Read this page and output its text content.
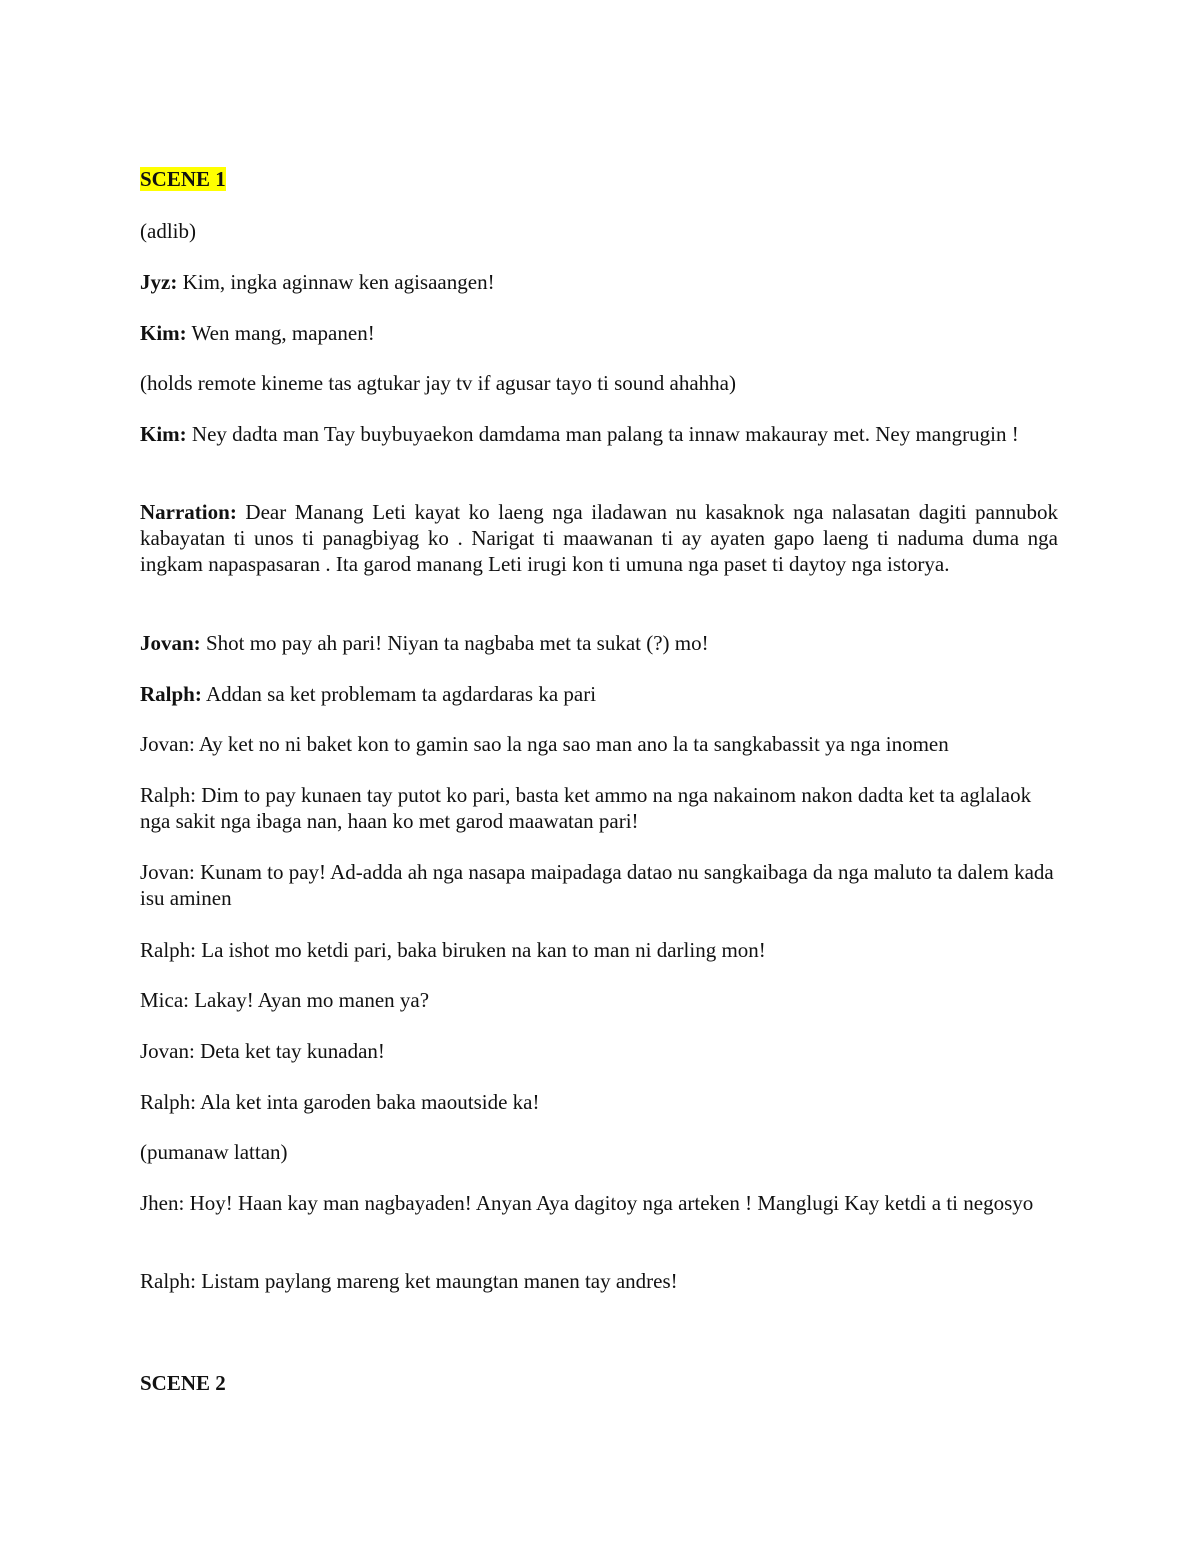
SCENE 1
(adlib)
Jyz: Kim, ingka aginnaw ken agisaangen!
Kim: Wen mang, mapanen!
(holds remote kineme tas agtukar jay tv if agusar tayo ti sound ahahha)
Kim: Ney dadta man Tay buybuyaekon damdama man palang ta innaw makauray met. Ney mangrugin !
Narration: Dear Manang Leti kayat ko laeng nga iladawan nu kasaknok nga nalasatan dagiti pannubok kabayatan ti unos ti panagbiyag ko . Narigat ti maawanan ti ay ayaten gapo laeng ti naduma duma nga ingkam napaspasaran . Ita garod manang Leti irugi kon ti umuna nga paset ti daytoy nga istorya.
Jovan: Shot mo pay ah pari! Niyan ta nagbaba met ta sukat (?) mo!
Ralph: Addan sa ket problemam ta agdardaras ka pari
Jovan: Ay ket no ni baket kon to gamin sao la nga sao man ano la ta sangkabassit ya nga inomen
Ralph: Dim to pay kunaen tay putot ko pari, basta ket ammo na nga nakainom nakon dadta ket ta aglalaok nga sakit nga ibaga nan, haan ko met garod maawatan pari!
Jovan: Kunam to pay! Ad-adda ah nga nasapa maipadaga datao nu sangkaibaga da nga maluto ta dalem kada isu aminen
Ralph: La ishot mo ketdi pari, baka biruken na kan to man ni darling mon!
Mica: Lakay! Ayan mo manen ya?
Jovan: Deta ket tay kunadan!
Ralph: Ala ket inta garoden baka maoutside ka!
(pumanaw lattan)
Jhen: Hoy! Haan kay man nagbayaden! Anyan Aya dagitoy nga arteken ! Manglugi Kay ketdi a ti negosyo
Ralph: Listam paylang mareng ket maungtan manen tay andres!
SCENE 2
